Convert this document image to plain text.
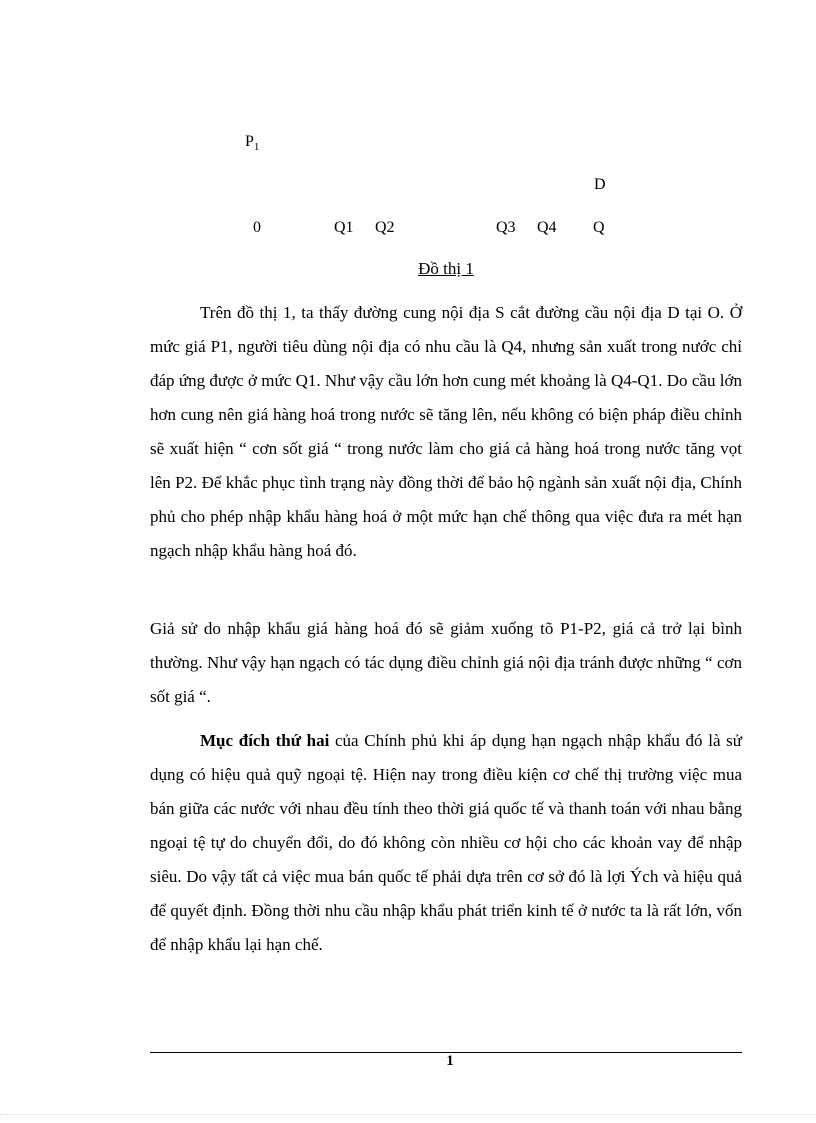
$P_1$
D
0	Q1 Q2	Q3 Q4 Q
Đồ thị 1

Trên đồ thị 1, ta thấy đường cung nội địa S cắt đường cầu nội địa D tại O. Ở mức giá P1, người tiêu dùng nội địa có nhu cầu là Q4, nhưng sản xuất trong nước chỉ đáp ứng được ở mức Q1. Như vậy cầu lớn hơn cung mét khoảng là Q4-Q1. Do cầu lớn hơn cung nên giá hàng hoá trong nước sẽ tăng lên, nếu không có biện pháp điều chỉnh sẽ xuất hiện “ cơn sốt giá “ trong nước làm cho giá cả hàng hoá trong nước tăng vọt lên P2. Để khắc phục tình trạng này đồng thời để bảo hộ ngành sản xuất nội địa, Chính phủ cho phép nhập khẩu hàng hoá ở một mức hạn chế thông qua việc đưa ra mét hạn ngạch nhập khẩu hàng hoá đó.

Giả sử do nhập khẩu giá hàng hoá đó sẽ giảm xuống tõ P1-P2, giá cả trở lại bình thường. Như vậy hạn ngạch có tác dụng điều chỉnh giá nội địa tránh được những “ cơn sốt giá “.

Mục đích thứ hai của Chính phủ khi áp dụng hạn ngạch nhập khẩu đó là sử dụng có hiệu quả quỹ ngoại tệ. Hiện nay trong điều kiện cơ chế thị trường việc mua bán giữa các nước với nhau đều tính theo thời giá quốc tế và thanh toán với nhau bằng ngoại tệ tự do chuyển đổi, do đó không còn nhiều cơ hội cho các khoản vay để nhập siêu. Do vậy tất cả việc mua bán quốc tế phải dựa trên cơ sở đó là lợi Ých và hiệu quả để quyết định. Đồng thời nhu cầu nhập khẩu phát triển kinh tế ở nước ta là rất lớn, vốn để nhập khẩu lại hạn chế.

1
